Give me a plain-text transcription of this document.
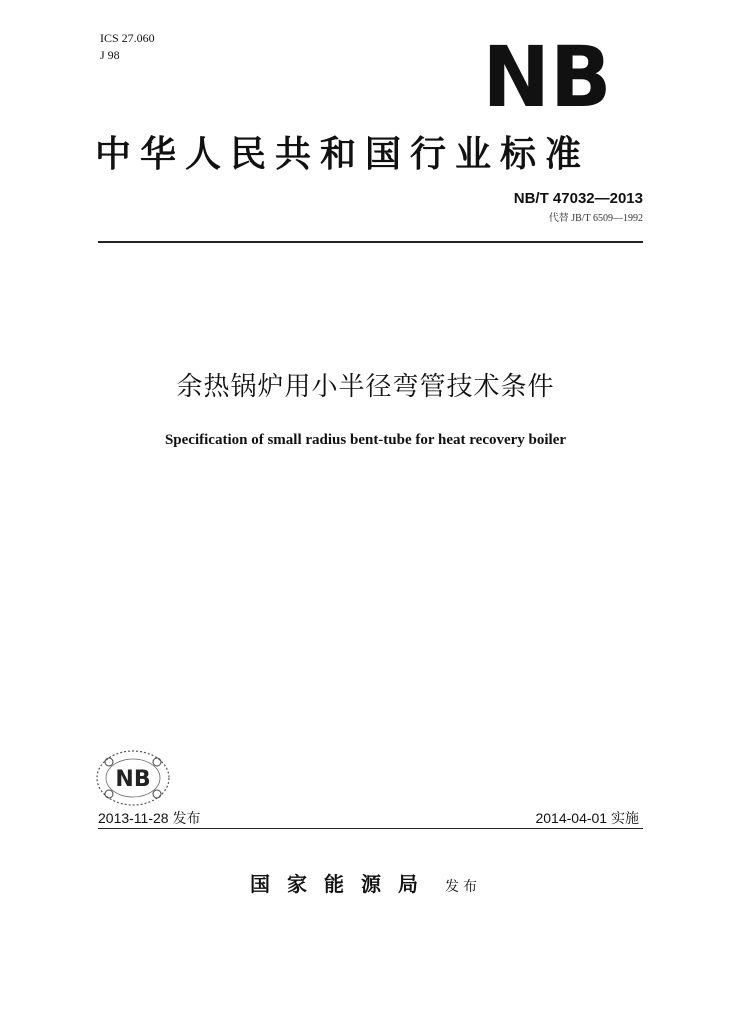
ICS 27.060
J 98	NB
中华人民共和国行业标准
NB/T 47032—2013
代替 JB/T 6509—1992
余热锅炉用小半径弯管技术条件
Specification of small radius bent-tube for heat recovery boiler
NB
2013-11-28 发布	2014-04-01 实施
国家能源局 发布
